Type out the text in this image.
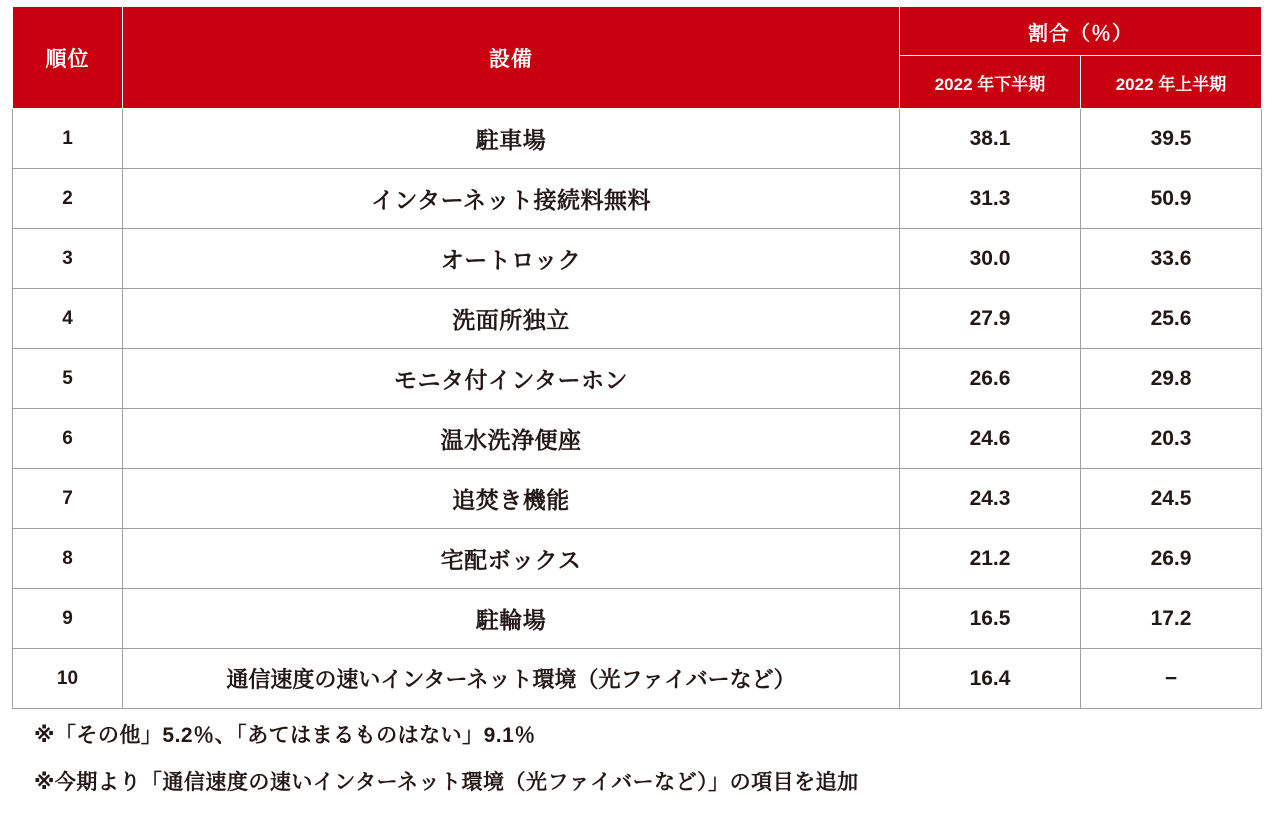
順位	設備	割合（％）	
		2022 年下半期	2022 年上半期
1	駐車場	38.1	39.5
2	インターネット接続料無料	31.3	50.9
3	オートロック	30.0	33.6
4	洗面所独立	27.9	25.6
5	モニタ付インターホン	26.6	29.8
6	温水洗浄便座	24.6	20.3
7	追焚き機能	24.3	24.5
8	宅配ボックス	21.2	26.9
9	駐輪場	16.5	17.2
10	通信速度の速いインターネット環境（光ファイバーなど）	16.4	−
※「その他」5.2％、「あてはまるものはない」9.1％
※今期より「通信速度の速いインターネット環境（光ファイバーなど）」の項目を追加
